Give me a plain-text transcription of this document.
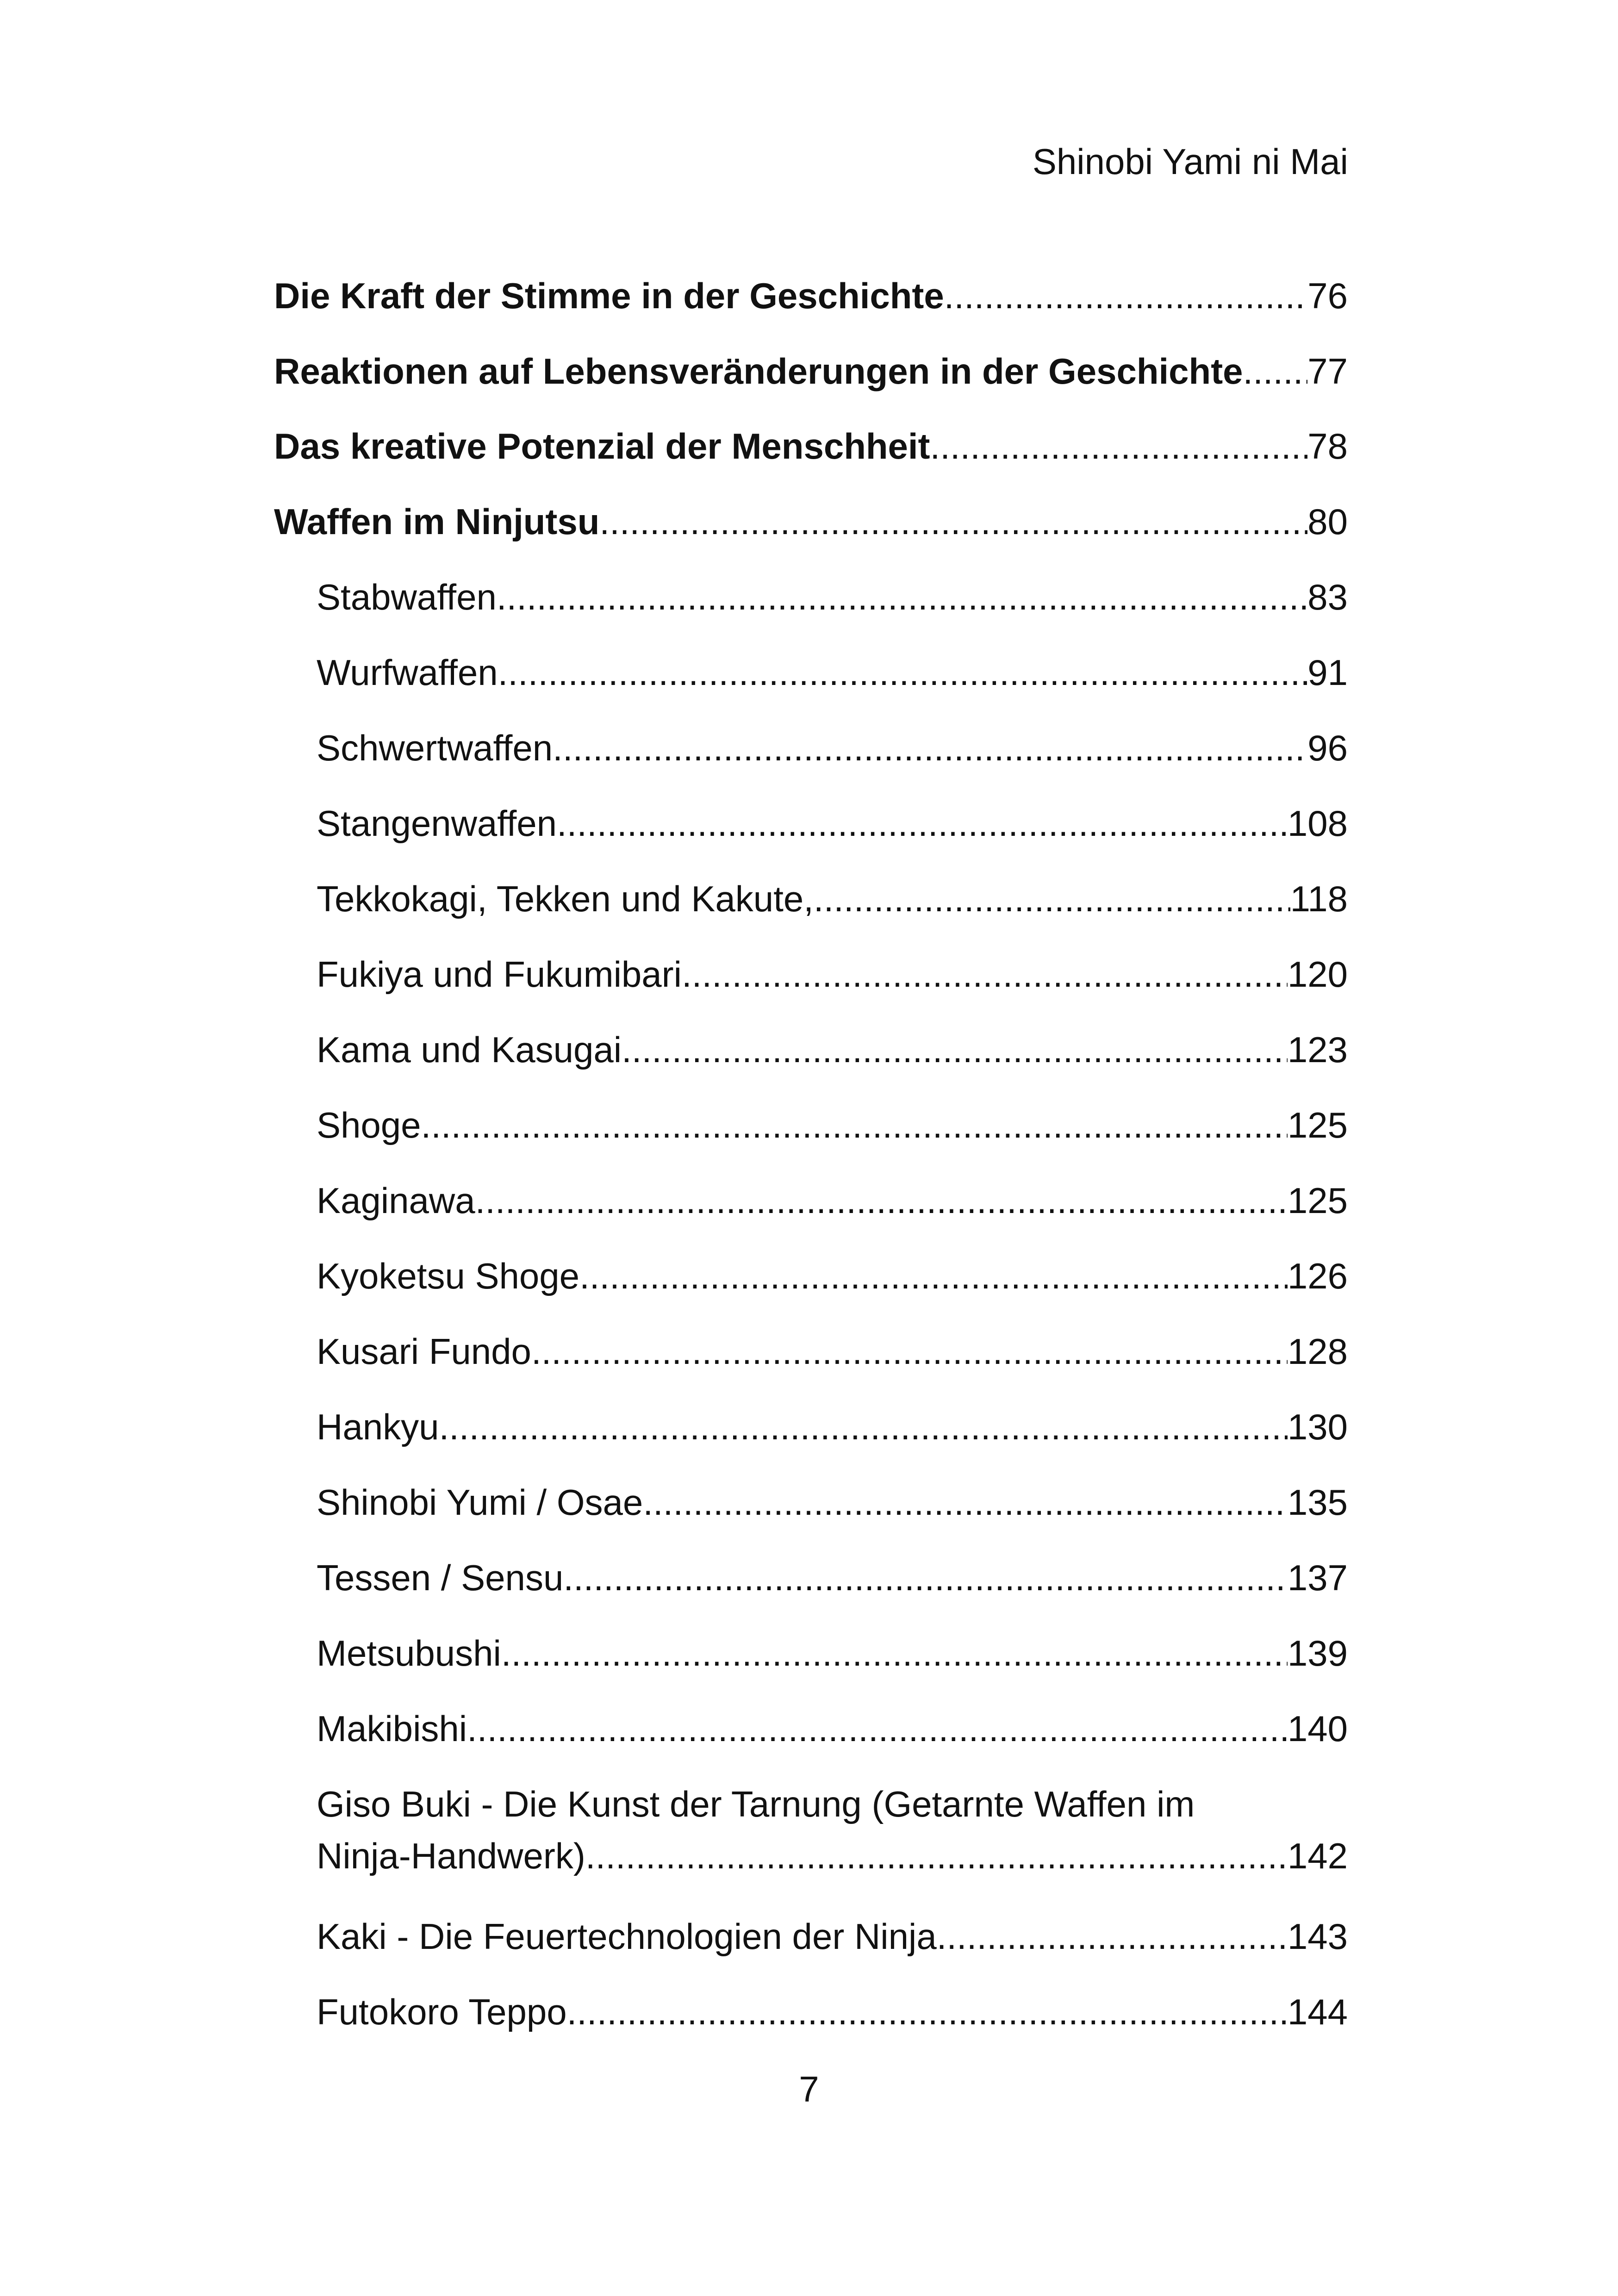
Shinobi Yami ni Mai
Die Kraft der Stimme in der Geschichte .....	76
Reaktionen auf Lebensveränderungen in der Geschichte ..... 77
Das kreative Potenzial der Menschheit .....	78
Waffen im Ninjutsu .....	80
Stabwaffen .....	83
Wurfwaffen .....	91
Schwertwaffen .....	96
Stangenwaffen .....	108
Tekkokagi, Tekken und Kakute, .....	118
Fukiya und Fukumibari .....	120
Kama und Kasugai .....	123
Shoge .....	125
Kaginawa .....	125
Kyoketsu Shoge .....	126
Kusari Fundo .....	128
Hankyu .....	130
Shinobi Yumi / Osae .....	135
Tessen / Sensu .....	137
Metsubushi .....	139
Makibishi .....	140
Giso Buki - Die Kunst der Tarnung (Getarnte Waffen im
Ninja-Handwerk) .....	142
Kaki - Die Feuertechnologien der Ninja .....	143
Futokoro Teppo .....	144
7
